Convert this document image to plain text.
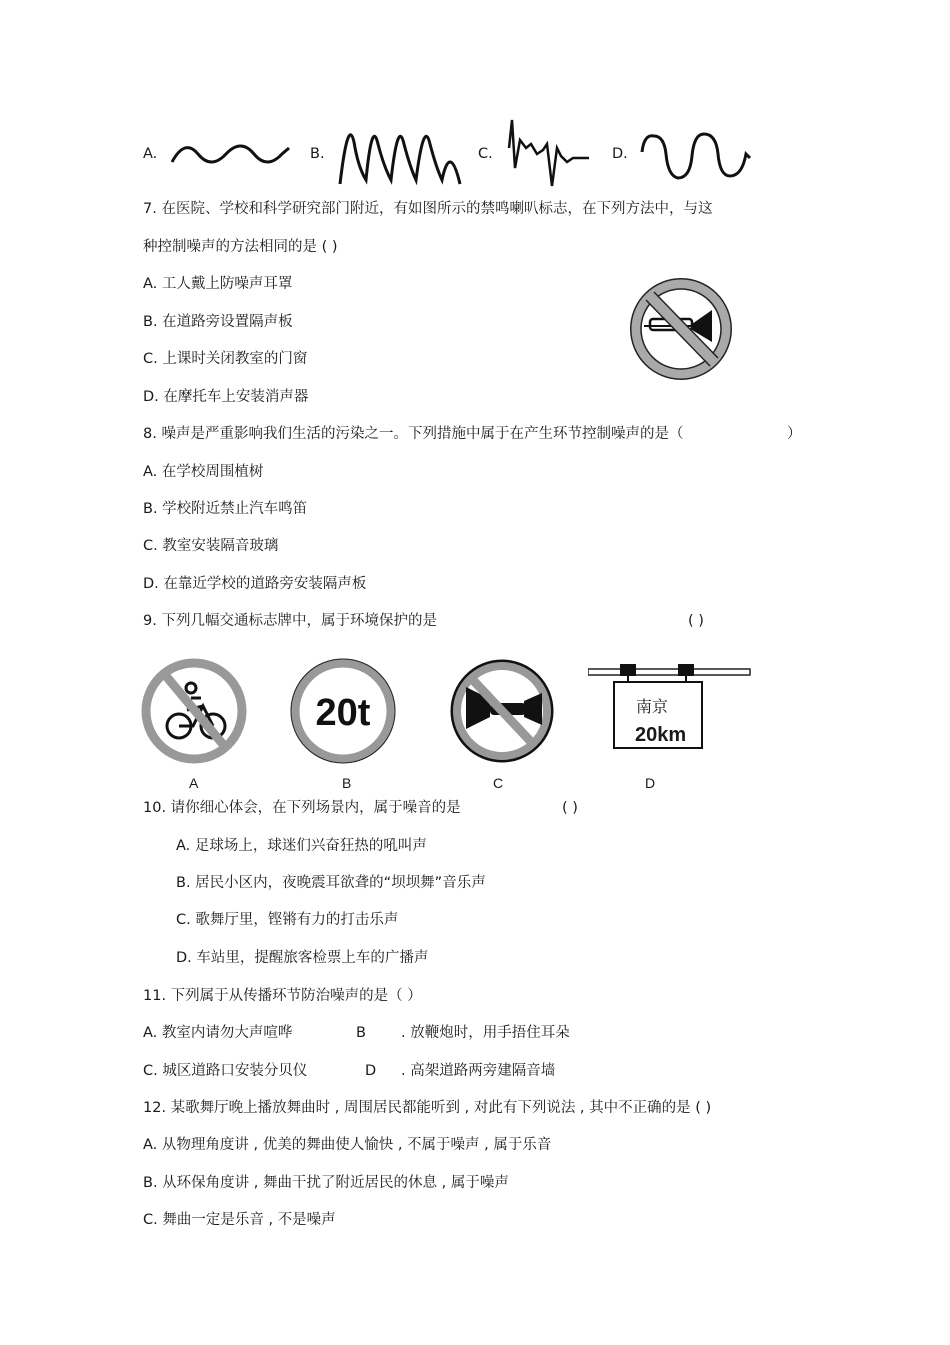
A.	B.	C.	D.
7. 在医院、学校和科学研究部门附近，有如图所示的禁鸣喇叭标志，在下列方法中，与这
种控制噪声的方法相同的是 ( )
A. 工人戴上防噪声耳罩
B. 在道路旁设置隔声板
C. 上课时关闭教室的门窗
D. 在摩托车上安装消声器
8. 噪声是严重影响我们生活的污染之一。下列措施中属于在产生环节控制噪声的是（	）
A. 在学校周围植树
B. 学校附近禁止汽车鸣笛
C. 教室安装隔音玻璃
D. 在靠近学校的道路旁安装隔声板
9. 下列几幅交通标志牌中，属于环境保护的是	( )
20t	南京
20km
A	B	C	D
10. 请你细心体会，在下列场景内，属于噪音的是	( )
A. 足球场上，球迷们兴奋狂热的吼叫声
B. 居民小区内，夜晚震耳欲聋的“坝坝舞”音乐声
C. 歌舞厅里，铿锵有力的打击乐声
D. 车站里，提醒旅客检票上车的广播声
11. 下列属于从传播环节防治噪声的是（ ）
A. 教室内请勿大声喧哗	B . 放鞭炮时，用手捂住耳朵
C. 城区道路口安装分贝仪	D . 高架道路两旁建隔音墙
12. 某歌舞厅晚上播放舞曲时 , 周围居民都能听到 , 对此有下列说法 , 其中不正确的是 ( )
A. 从物理角度讲 , 优美的舞曲使人愉快 , 不属于噪声 , 属于乐音
B. 从环保角度讲 , 舞曲干扰了附近居民的休息 , 属于噪声
C. 舞曲一定是乐音 , 不是噪声
